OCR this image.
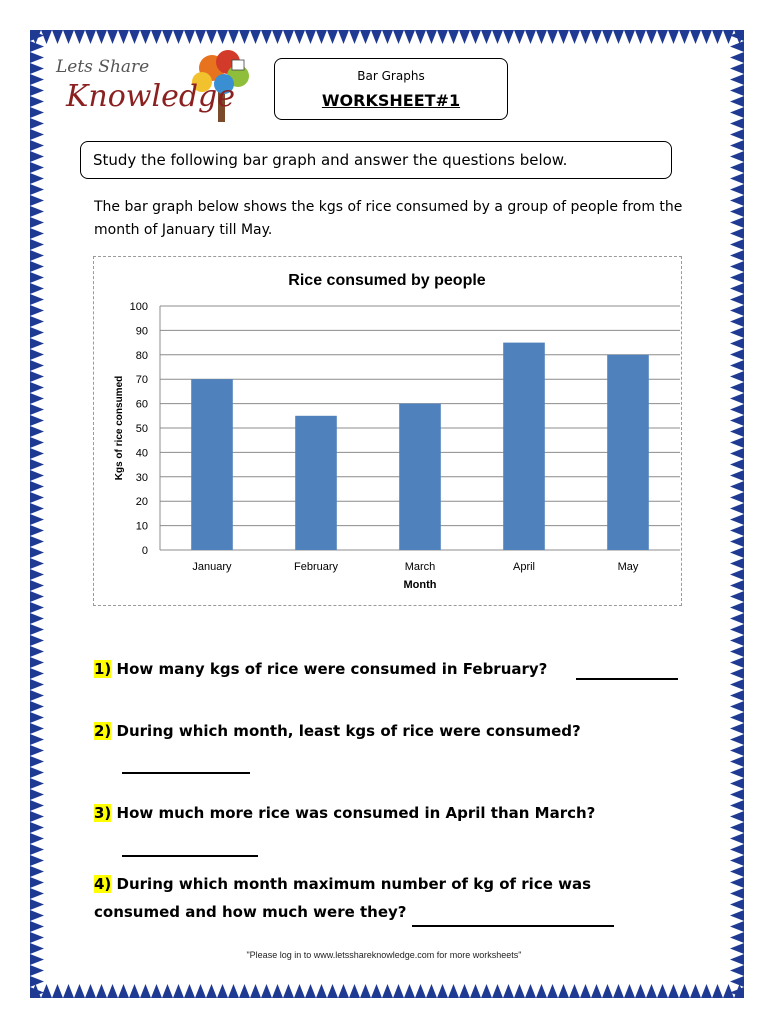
Lets Share
Knowledge
Bar Graphs
WORKSHEET#1
Study the following bar graph and answer the questions below.
The bar graph below shows the kgs of rice consumed by a group of people from the month of January till May.
Rice consumed by people
0
10
20
30
40
50
60
70
80
90
100
January	February	March	April	May
Month
Kgs of rice consumed
1) How many kgs of rice were consumed in February?
2) During which month, least kgs of rice were consumed?
3) How much more rice was consumed in April than March?
4) During which month maximum number of kg of rice was
consumed and how much were they?
"Please log in to www.letsshareknowledge.com for more worksheets"
